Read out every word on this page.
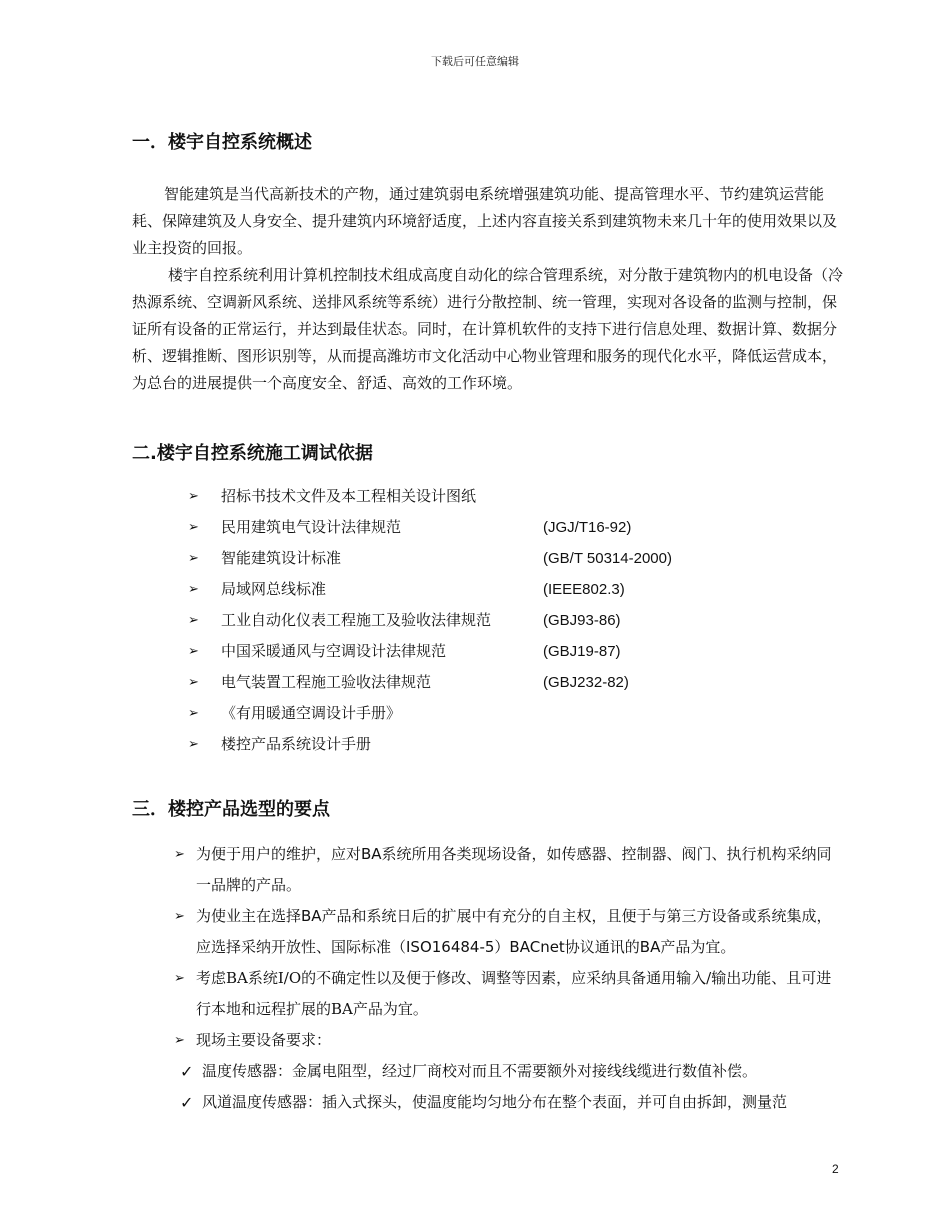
下载后可任意编辑
一．楼宇自控系统概述

智能建筑是当代高新技术的产物，通过建筑弱电系统增强建筑功能、提高管理水平、节约建筑运营能耗、保障建筑及人身安全、提升建筑内环境舒适度，上述内容直接关系到建筑物未来几十年的使用效果以及业主投资的回报。

楼宇自控系统利用计算机控制技术组成高度自动化的综合管理系统，对分散于建筑物内的机电设备（冷热源系统、空调新风系统、送排风系统等系统）进行分散控制、统一管理，实现对各设备的监测与控制，保证所有设备的正常运行，并达到最佳状态。同时，在计算机软件的支持下进行信息处理、数据计算、数据分析、逻辑推断、图形识别等，从而提高潍坊市文化活动中心物业管理和服务的现代化水平，降低运营成本，为总台的进展提供一个高度安全、舒适、高效的工作环境。

二.楼宇自控系统施工调试依据
➢ 招标书技术文件及本工程相关设计图纸
➢ 民用建筑电气设计法律规范	(JGJ/T16-92)
➢ 智能建筑设计标准	(GB/T 50314-2000)
➢ 局域网总线标准	(IEEE802.3)
➢ 工业自动化仪表工程施工及验收法律规范	(GBJ93-86)
➢ 中国采暖通风与空调设计法律规范	(GBJ19-87)
➢ 电气装置工程施工验收法律规范	(GBJ232-82)
➢ 《有用暖通空调设计手册》
➢ 楼控产品系统设计手册
三．楼控产品选型的要点
➢ 为便于用户的维护，应对BA系统所用各类现场设备，如传感器、控制器、阀门、执行机构采纳同一品牌的产品。
➢ 为使业主在选择BA产品和系统日后的扩展中有充分的自主权，且便于与第三方设备或系统集成，应选择采纳开放性、国际标准（ISO16484-5）BACnet协议通讯的BA产品为宜。
➢ 考虑BA系统I/O的不确定性以及便于修改、调整等因素，应采纳具备通用输入/输出功能、且可进行本地和远程扩展的BA产品为宜。
➢ 现场主要设备要求：
✓ 温度传感器：金属电阻型，经过厂商校对而且不需要额外对接线线缆进行数值补偿。
✓ 风道温度传感器：插入式探头，使温度能均匀地分布在整个表面，并可自由拆卸，测量范
2
